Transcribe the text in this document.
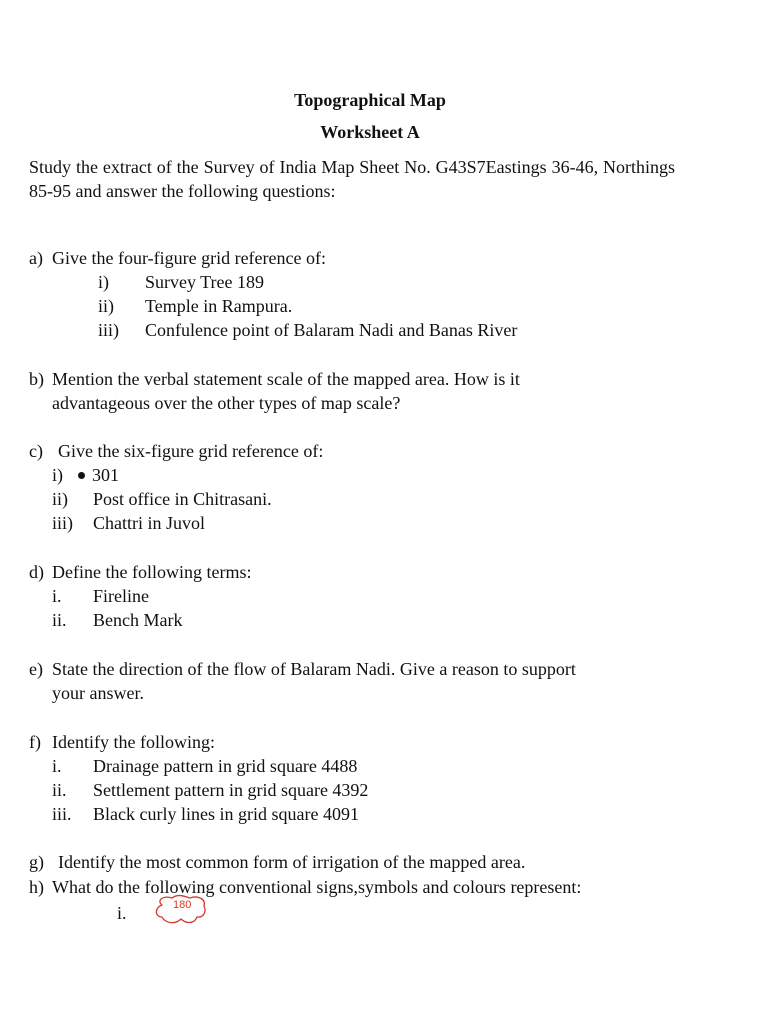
Topographical Map
Worksheet A
Study the extract of the Survey of India Map Sheet No. G43S7Eastings 36-46, Northings 85-95 and answer the following questions:
a) Give the four-figure grid reference of:
i) Survey Tree 189
ii) Temple in Rampura.
iii) Confulence point of Balaram Nadi and Banas River
b) Mention the verbal statement scale of the mapped area. How is it
advantageous over the other types of map scale?
c) Give the six-figure grid reference of:
i)	301
ii) Post office in Chitrasani.
iii) Chattri in Juvol
d) Define the following terms:
i. Fireline
ii. Bench Mark
e) State the direction of the flow of Balaram Nadi. Give a reason to support
your answer.
f) Identify the following:
i. Drainage pattern in grid square 4488
ii. Settlement pattern in grid square 4392
iii. Black curly lines in grid square 4091
g) Identify the most common form of irrigation of the mapped area.
h) What do the following conventional signs,symbols and colours represent:
i.	180
